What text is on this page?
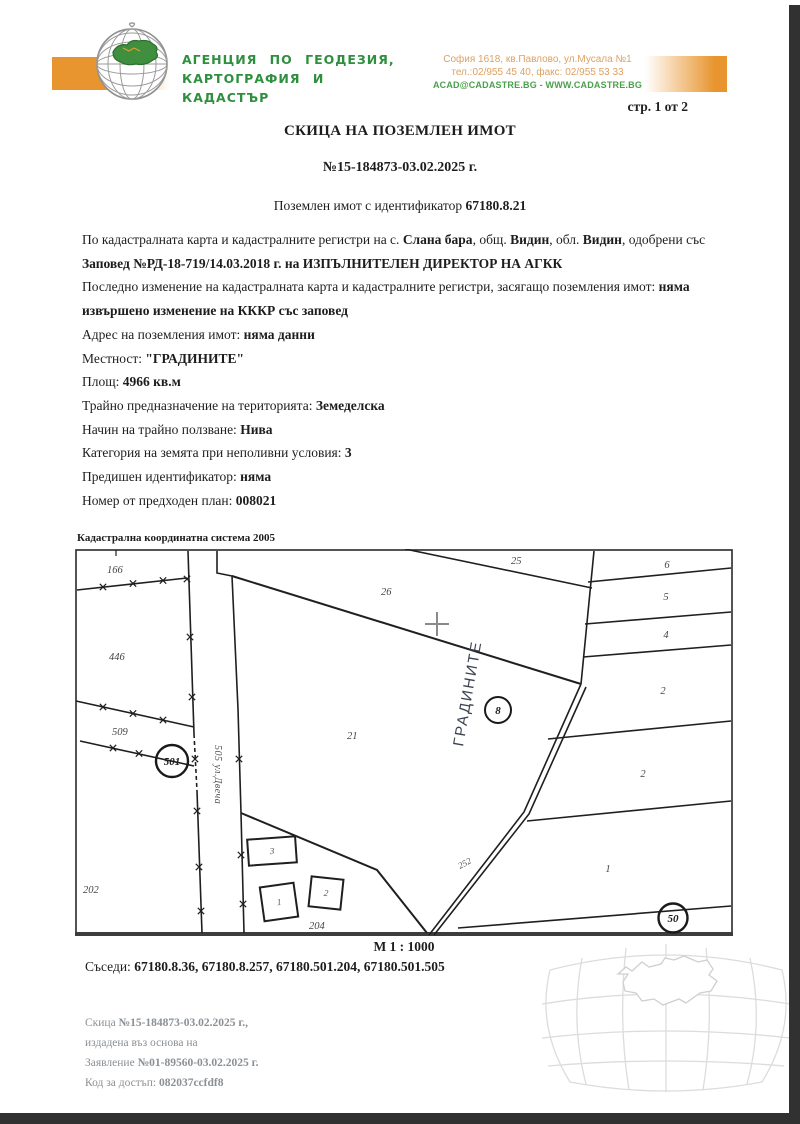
АГЕНЦИЯ ПО ГЕОДЕЗИЯ,
КАРТОГРАФИЯ И КАДАСТЪР
София 1618, кв.Павлово, ул.Мусала №1
тел.:02/955 45 40, факс: 02/955 53 33
ACAD@CADASTRE.BG - WWW.CADASTRE.BG
стр. 1 от 2
СКИЦА НА ПОЗЕМЛЕН ИМОТ
№15-184873-03.02.2025 г.
Поземлен имот с идентификатор 67180.8.21

По кадастралната карта и кадастралните регистри на с. Слана бара, общ. Видин, обл. Видин, одобрени със Заповед №РД-18-719/14.03.2018 г. на ИЗПЪЛНИТЕЛЕН ДИРЕКТОР НА АГКК

Последно изменение на кадастралната карта и кадастралните регистри, засягащо поземления имот: няма извършено изменение на КККР със заповед

Адрес на поземления имот: няма данни
Местност: "ГРАДИНИТЕ"
Площ: 4966 кв.м
Трайно предназначение на територията: Земеделска
Начин на трайно ползване: Нива
Категория на земята при неполивни условия: 3
Предишен идентификатор: няма
Номер от предходен план: 008021
Кадастрална координатна система 2005
3
1
2
501
8
50
166
446
509
202
25
26
21
204
6
5
4
2
2
1
252
505 ул.Двеча
ГРАДИНИТЕ
М 1 : 1000
Съседи: 67180.8.36, 67180.8.257, 67180.501.204, 67180.501.505
Скица №15-184873-03.02.2025 г.,
издадена въз основа на
Заявление №01-89560-03.02.2025 г.
Код за достъп: 082037ccfdf8
